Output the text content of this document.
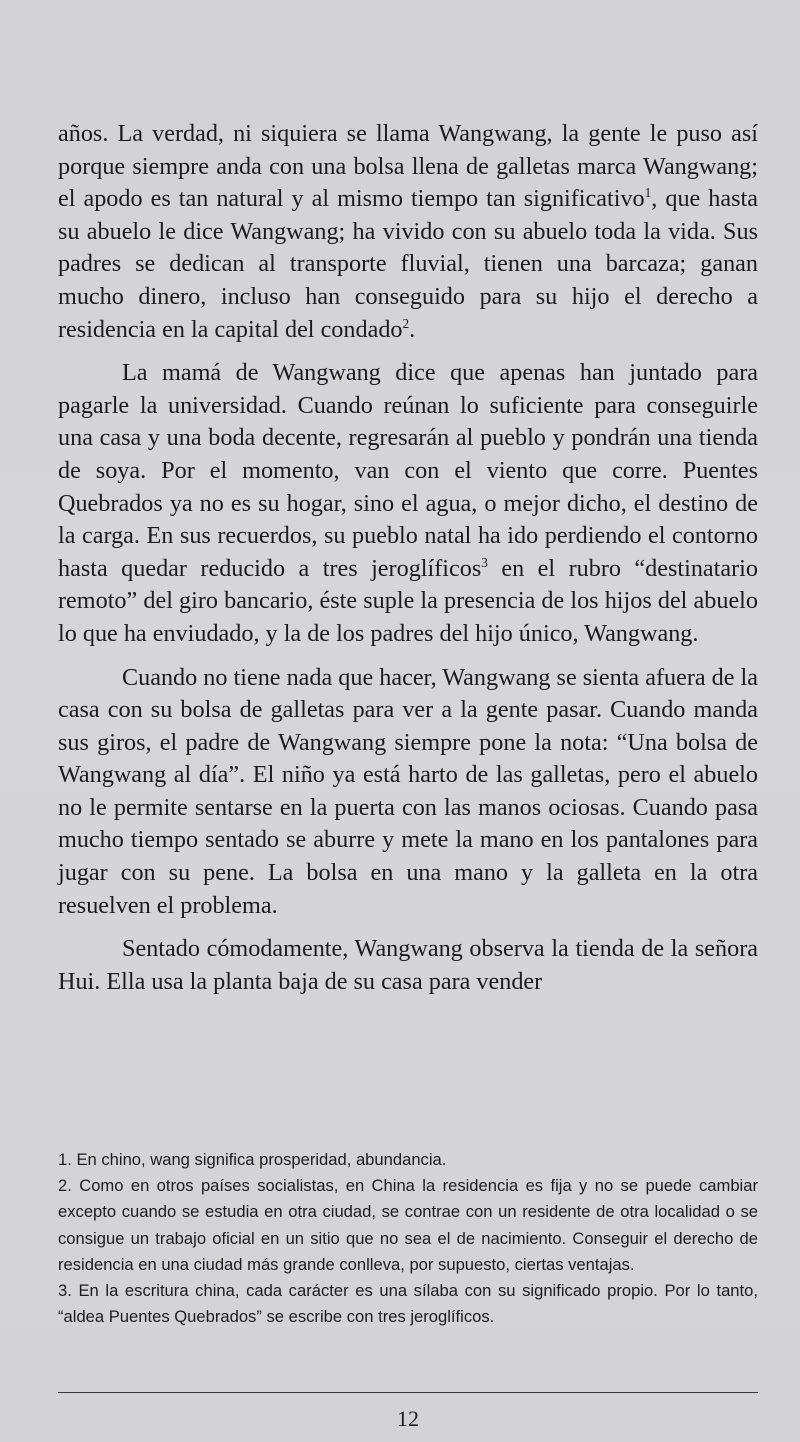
años. La verdad, ni siquiera se llama Wangwang, la gente le puso así porque siempre anda con una bolsa llena de galletas marca Wangwang; el apodo es tan natural y al mismo tiempo tan significativo$^1$, que hasta su abuelo le dice Wangwang; ha vivido con su abuelo toda la vida. Sus padres se dedican al transporte fluvial, tienen una barcaza; ganan mucho dinero, incluso han conseguido para su hijo el derecho a residencia en la capital del condado$^2$.

La mamá de Wangwang dice que apenas han juntado para pagarle la universidad. Cuando reúnan lo suficiente para conseguirle una casa y una boda decente, regresarán al pueblo y pondrán una tienda de soya. Por el momento, van con el viento que corre. Puentes Quebrados ya no es su hogar, sino el agua, o mejor dicho, el destino de la carga. En sus recuerdos, su pueblo natal ha ido perdiendo el contorno hasta quedar reducido a tres jeroglíficos$^3$ en el rubro “destinatario remoto” del giro bancario, éste suple la presencia de los hijos del abuelo lo que ha enviudado, y la de los padres del hijo único, Wangwang.

Cuando no tiene nada que hacer, Wangwang se sienta afuera de la casa con su bolsa de galletas para ver a la gente pasar. Cuando manda sus giros, el padre de Wangwang siempre pone la nota: “Una bolsa de Wangwang al día”. El niño ya está harto de las galletas, pero el abuelo no le permite sentarse en la puerta con las manos ociosas. Cuando pasa mucho tiempo sentado se aburre y mete la mano en los pantalones para jugar con su pene. La bolsa en una mano y la galleta en la otra resuelven el problema.

Sentado cómodamente, Wangwang observa la tienda de la señora Hui. Ella usa la planta baja de su casa para vender

1. En chino, wang significa prosperidad, abundancia.

2. Como en otros países socialistas, en China la residencia es fija y no se puede cambiar excepto cuando se estudia en otra ciudad, se contrae con un residente de otra localidad o se consigue un trabajo oficial en un sitio que no sea el de nacimiento. Conseguir el derecho de residencia en una ciudad más grande conlleva, por supuesto, ciertas ventajas.

3. En la escritura china, cada carácter es una sílaba con su significado propio. Por lo tanto, “aldea Puentes Quebrados” se escribe con tres jeroglíficos.

12
